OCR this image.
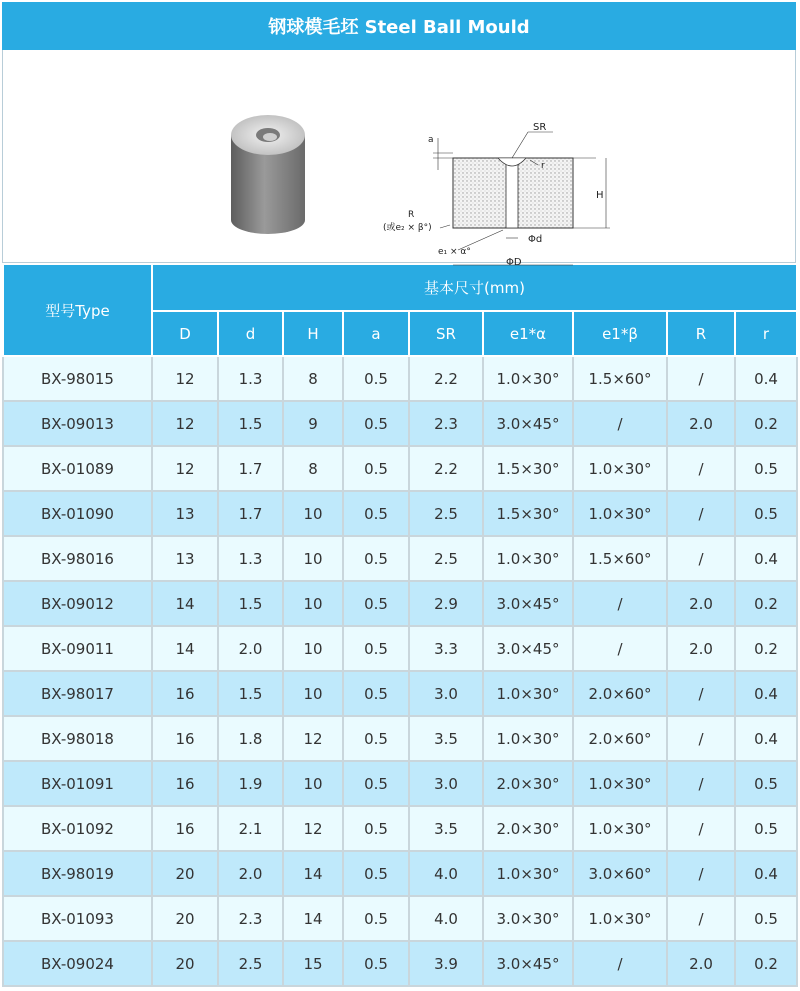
钢球模毛坯 Steel Ball Mould
a
SR
r
H
R
(或e₂ × β°)
Φd
e₁ × α°
ΦD
型号Type	基本尺寸(mm)								
	D	d	H	a	SR	e1*α	e1*β	R	r
BX-98015	12	1.3	8	0.5	2.2	1.0×30°	1.5×60°	/	0.4
BX-09013	12	1.5	9	0.5	2.3	3.0×45°	/	2.0	0.2
BX-01089	12	1.7	8	0.5	2.2	1.5×30°	1.0×30°	/	0.5
BX-01090	13	1.7	10	0.5	2.5	1.5×30°	1.0×30°	/	0.5
BX-98016	13	1.3	10	0.5	2.5	1.0×30°	1.5×60°	/	0.4
BX-09012	14	1.5	10	0.5	2.9	3.0×45°	/	2.0	0.2
BX-09011	14	2.0	10	0.5	3.3	3.0×45°	/	2.0	0.2
BX-98017	16	1.5	10	0.5	3.0	1.0×30°	2.0×60°	/	0.4
BX-98018	16	1.8	12	0.5	3.5	1.0×30°	2.0×60°	/	0.4
BX-01091	16	1.9	10	0.5	3.0	2.0×30°	1.0×30°	/	0.5
BX-01092	16	2.1	12	0.5	3.5	2.0×30°	1.0×30°	/	0.5
BX-98019	20	2.0	14	0.5	4.0	1.0×30°	3.0×60°	/	0.4
BX-01093	20	2.3	14	0.5	4.0	3.0×30°	1.0×30°	/	0.5
BX-09024	20	2.5	15	0.5	3.9	3.0×45°	/	2.0	0.2
